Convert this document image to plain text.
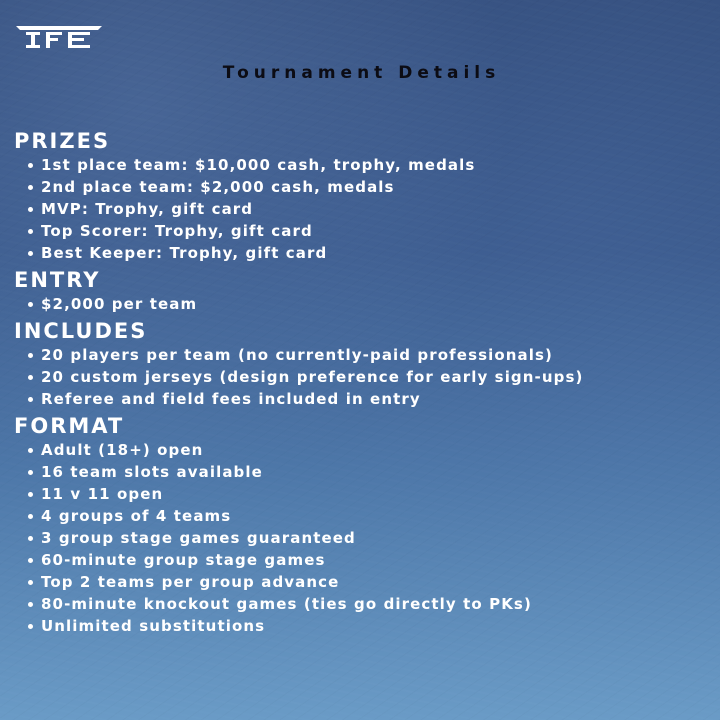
Tournament Details
PRIZES
1st place team: $10,000 cash, trophy, medals
2nd place team: $2,000 cash, medals
MVP: Trophy, gift card
Top Scorer: Trophy, gift card
Best Keeper: Trophy, gift card
ENTRY
$2,000 per team
INCLUDES
20 players per team (no currently-paid professionals)
20 custom jerseys (design preference for early sign-ups)
Referee and field fees included in entry
FORMAT
Adult (18+) open
16 team slots available
11 v 11 open
4 groups of 4 teams
3 group stage games guaranteed
60-minute group stage games
Top 2 teams per group advance
80-minute knockout games (ties go directly to PKs)
Unlimited substitutions
